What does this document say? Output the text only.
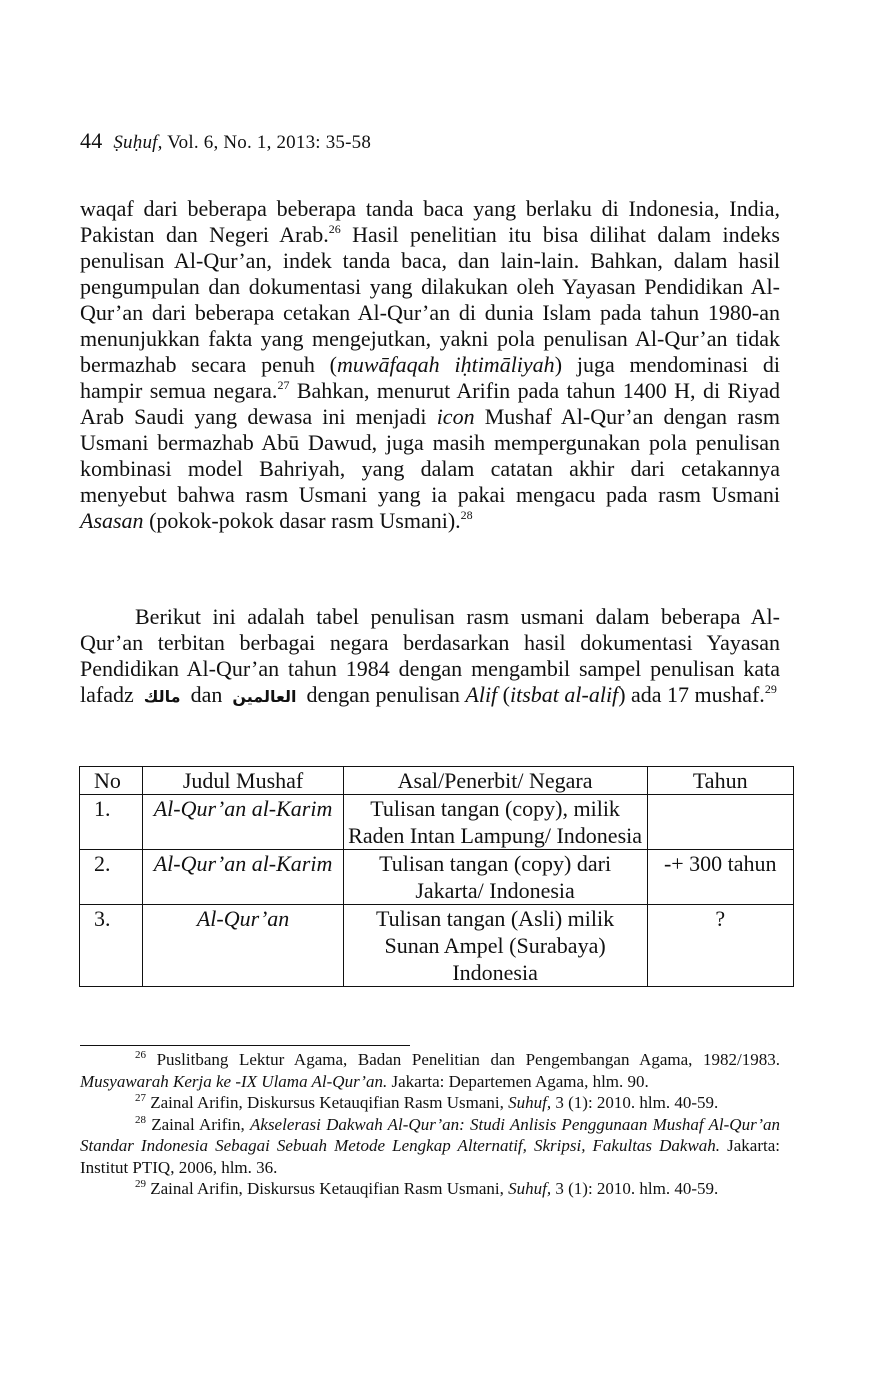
44 Ṣuḥuf, Vol. 6, No. 1, 2013: 35-58
waqaf dari beberapa beberapa tanda baca yang berlaku di Indonesia, India, Pakistan dan Negeri Arab.$^{26}$ Hasil penelitian itu bisa dilihat dalam indeks penulisan Al-Qur’an, indek tanda baca, dan lain-lain. Bahkan, dalam hasil pengumpulan dan dokumentasi yang dilakukan oleh Yayasan Pendidikan Al-Qur’an dari beberapa cetakan Al-Qur’an di dunia Islam pada tahun 1980-an menunjukkan fakta yang mengejutkan, yakni pola penulisan Al-Qur’an tidak bermazhab secara penuh (muwāfaqah iḥtimāliyah) juga mendominasi di hampir semua negara.$^{27}$ Bahkan, menurut Arifin pada tahun 1400 H, di Riyad Arab Saudi yang dewasa ini menjadi icon Mushaf Al-Qur’an dengan rasm Usmani bermazhab Abū Dawud, juga masih mempergunakan pola penulisan kombinasi model Bahriyah, yang dalam catatan akhir dari cetakannya menyebut bahwa rasm Usmani yang ia pakai mengacu pada rasm Usmani Asasan (pokok-pokok dasar rasm Usmani).$^{28}$
Berikut ini adalah tabel penulisan rasm usmani dalam beberapa Al-Qur’an terbitan berbagai negara berdasarkan hasil dokumentasi Yayasan Pendidikan Al-Qur’an tahun 1984 dengan mengambil sampel penulisan kata lafadz مالك dan العالمين dengan penulisan Alif (itsbat al-alif) ada 17 mushaf.$^{29}$
No	Judul Mushaf	Asal/Penerbit/ Negara	Tahun
1.	Al-Qur’an al-Karim	Tulisan tangan (copy), milik Raden Intan Lampung/ Indonesia	
2.	Al-Qur’an al-Karim	Tulisan tangan (copy) dari Jakarta/ Indonesia	-+ 300 tahun
3.	Al-Qur’an	Tulisan tangan (Asli) milik Sunan Ampel (Surabaya) Indonesia	?

$^{26}$ Puslitbang Lektur Agama, Badan Penelitian dan Pengembangan Agama, 1982/1983. Musyawarah Kerja ke -IX Ulama Al-Qur’an. Jakarta: Departemen Agama, hlm. 90.

$^{27}$ Zainal Arifin, Diskursus Ketauqifian Rasm Usmani, Suhuf, 3 (1): 2010. hlm. 40-59.

$^{28}$ Zainal Arifin, Akselerasi Dakwah Al-Qur’an: Studi Anlisis Penggunaan Mushaf Al-Qur’an Standar Indonesia Sebagai Sebuah Metode Lengkap Alternatif, Skripsi, Fakultas Dakwah. Jakarta: Institut PTIQ, 2006, hlm. 36.

$^{29}$ Zainal Arifin, Diskursus Ketauqifian Rasm Usmani, Suhuf, 3 (1): 2010. hlm. 40-59.
